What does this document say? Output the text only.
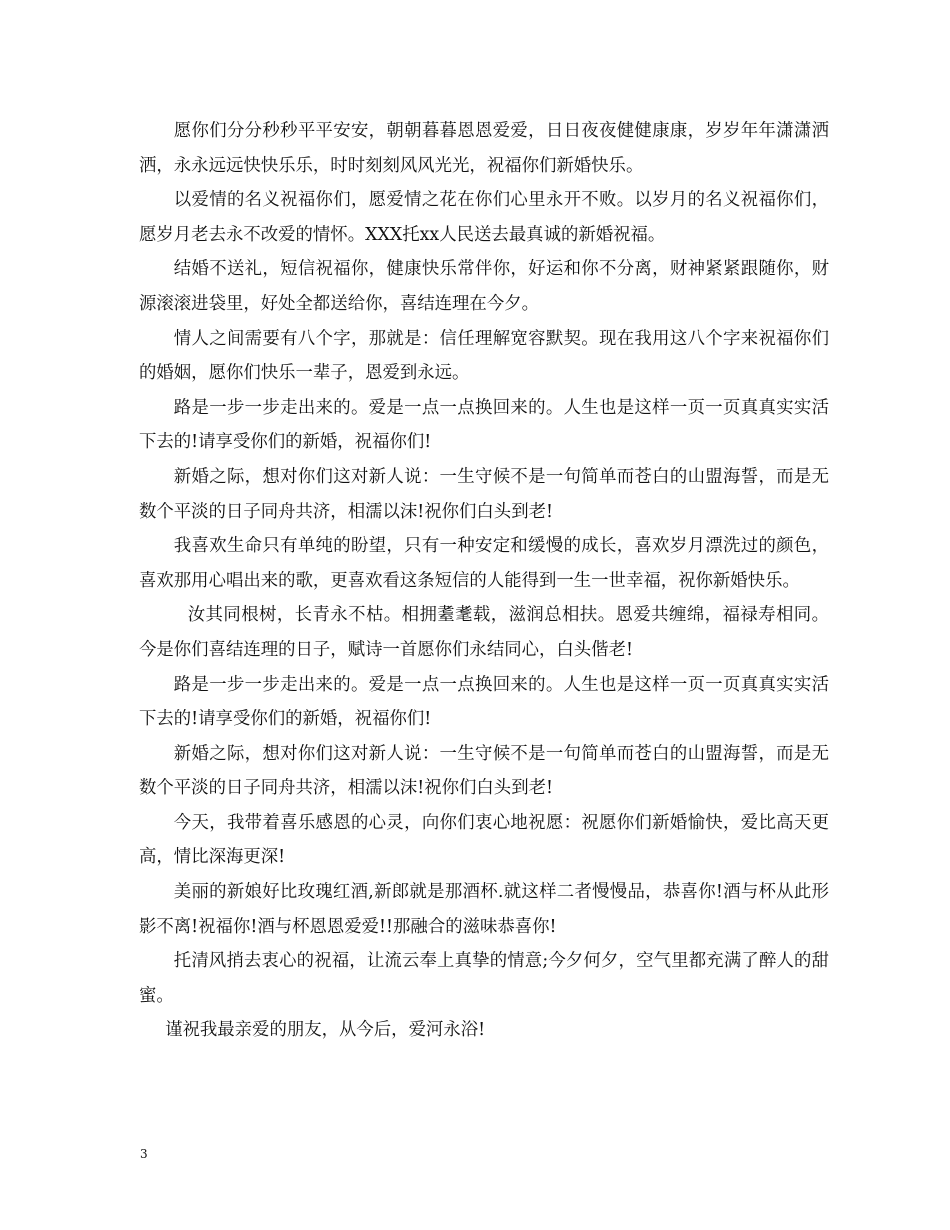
愿你们分分秒秒平平安安，朝朝暮暮恩恩爱爱，日日夜夜健健康康，岁岁年年潇潇洒洒，永永远远快快乐乐，时时刻刻风风光光，祝福你们新婚快乐。

以爱情的名义祝福你们，愿爱情之花在你们心里永开不败。以岁月的名义祝福你们，愿岁月老去永不改爱的情怀。XXX托xx人民送去最真诚的新婚祝福。

结婚不送礼，短信祝福你，健康快乐常伴你，好运和你不分离，财神紧紧跟随你，财源滚滚进袋里，好处全都送给你，喜结连理在今夕。

情人之间需要有八个字，那就是：信任理解宽容默契。现在我用这八个字来祝福你们的婚姻，愿你们快乐一辈子，恩爱到永远。

路是一步一步走出来的。爱是一点一点换回来的。人生也是这样一页一页真真实实活下去的!请享受你们的新婚，祝福你们!

新婚之际，想对你们这对新人说：一生守候不是一句简单而苍白的山盟海誓，而是无数个平淡的日子同舟共济，相濡以沫!祝你们白头到老!

我喜欢生命只有单纯的盼望，只有一种安定和缓慢的成长，喜欢岁月漂洗过的颜色，喜欢那用心唱出来的歌，更喜欢看这条短信的人能得到一生一世幸福，祝你新婚快乐。

汝其同根树，长青永不枯。相拥耋耄载，滋润总相扶。恩爱共缠绵，福禄寿相同。今是你们喜结连理的日子，赋诗一首愿你们永结同心，白头偕老!

路是一步一步走出来的。爱是一点一点换回来的。人生也是这样一页一页真真实实活下去的!请享受你们的新婚，祝福你们!

新婚之际，想对你们这对新人说：一生守候不是一句简单而苍白的山盟海誓，而是无数个平淡的日子同舟共济，相濡以沫!祝你们白头到老!

今天，我带着喜乐感恩的心灵，向你们衷心地祝愿：祝愿你们新婚愉快，爱比高天更高，情比深海更深!

美丽的新娘好比玫瑰红酒,新郎就是那酒杯.就这样二者慢慢品，恭喜你!酒与杯从此形影不离!祝福你!酒与杯恩恩爱爱!!那融合的滋味恭喜你!

托清风捎去衷心的祝福，让流云奉上真挚的情意;今夕何夕，空气里都充满了醉人的甜蜜。

谨祝我最亲爱的朋友，从今后，爱河永浴!

3
